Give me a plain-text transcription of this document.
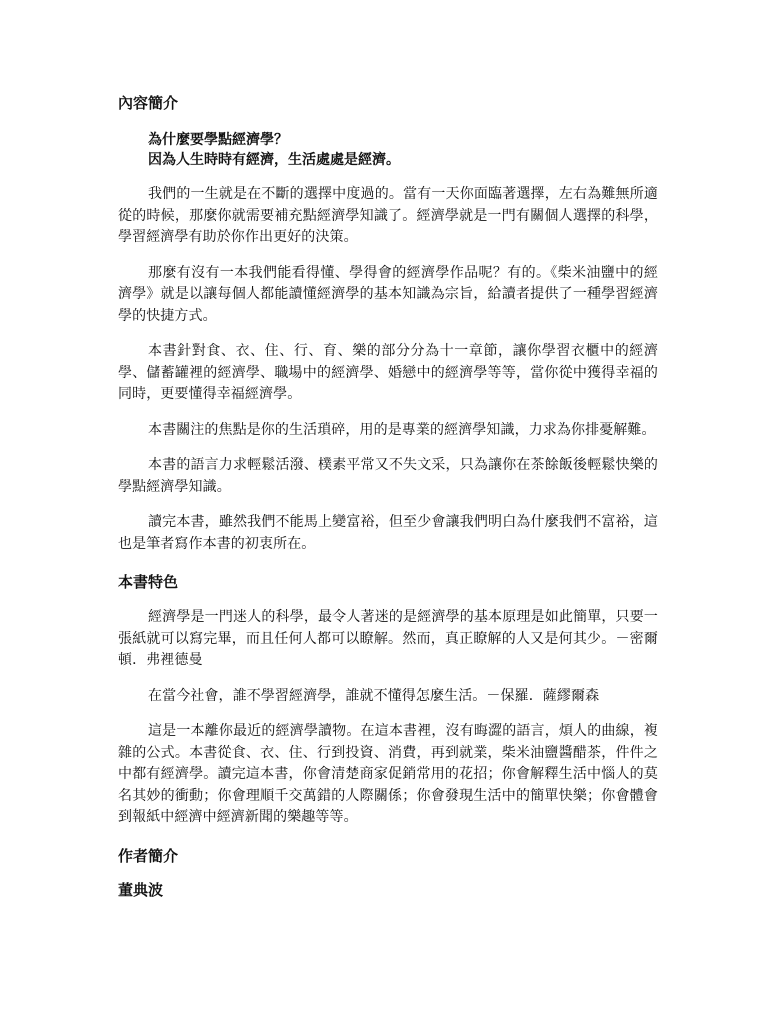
內容簡介
為什麼要學點經濟學？
因為人生時時有經濟，生活處處是經濟。

我們的一生就是在不斷的選擇中度過的。當有一天你面臨著選擇，左右為難無所適從的時候，那麼你就需要補充點經濟學知識了。經濟學就是一門有關個人選擇的科學，學習經濟學有助於你作出更好的決策。

那麼有沒有一本我們能看得懂、學得會的經濟學作品呢？有的。《柴米油鹽中的經濟學》就是以讓每個人都能讀懂經濟學的基本知識為宗旨，給讀者提供了一種學習經濟學的快捷方式。

本書針對食、衣、住、行、育、樂的部分分為十一章節，讓你學習衣櫃中的經濟學、儲蓄罐裡的經濟學、職場中的經濟學、婚戀中的經濟學等等，當你從中獲得幸福的同時，更要懂得幸福經濟學。

本書關注的焦點是你的生活瑣碎，用的是專業的經濟學知識，力求為你排憂解難。

本書的語言力求輕鬆活潑、樸素平常又不失文采，只為讓你在茶餘飯後輕鬆快樂的學點經濟學知識。

讀完本書，雖然我們不能馬上變富裕，但至少會讓我們明白為什麼我們不富裕，這也是筆者寫作本書的初衷所在。

本書特色

經濟學是一門迷人的科學，最令人著迷的是經濟學的基本原理是如此簡單，只要一張紙就可以寫完畢，而且任何人都可以瞭解。然而，真正瞭解的人又是何其少。－密爾頓．弗裡德曼

在當今社會，誰不學習經濟學，誰就不懂得怎麼生活。－保羅．薩繆爾森

這是一本離你最近的經濟學讀物。在這本書裡，沒有晦澀的語言，煩人的曲線，複雜的公式。本書從食、衣、住、行到投資、消費，再到就業，柴米油鹽醬醋茶，件件之中都有經濟學。讀完這本書，你會清楚商家促銷常用的花招；你會解釋生活中惱人的莫名其妙的衝動；你會理順千交萬錯的人際關係；你會發現生活中的簡單快樂；你會體會到報紙中經濟中經濟新聞的樂趣等等。

作者簡介
董典波
